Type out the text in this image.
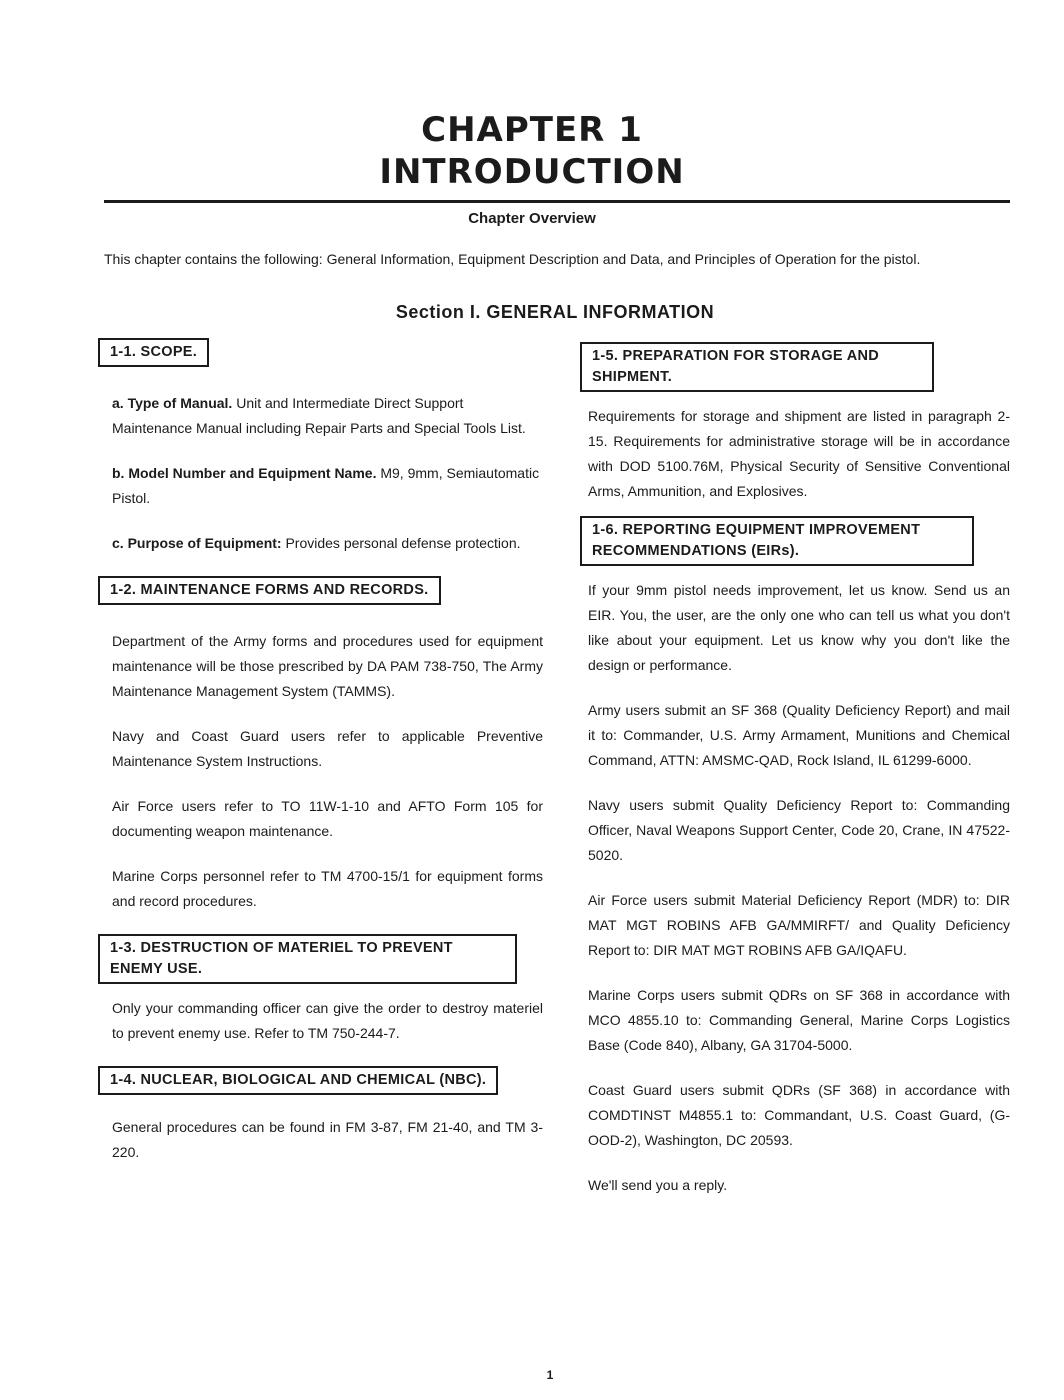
CHAPTER 1
INTRODUCTION
Chapter Overview
This chapter contains the following: General Information, Equipment Description and Data, and Principles of Operation for the pistol.
Section I. GENERAL INFORMATION
1-1. SCOPE.

a. Type of Manual. Unit and Intermediate Direct Support Maintenance Manual including Repair Parts and Special Tools List.

b. Model Number and Equipment Name. M9, 9mm, Semiautomatic Pistol.

c. Purpose of Equipment: Provides personal defense protection.

1-2. MAINTENANCE FORMS AND RECORDS.

Department of the Army forms and procedures used for equipment maintenance will be those prescribed by DA PAM 738-750, The Army Maintenance Management System (TAMMS).

Navy and Coast Guard users refer to applicable Preventive Maintenance System Instructions.

Air Force users refer to TO 11W-1-10 and AFTO Form 105 for documenting weapon maintenance.

Marine Corps personnel refer to TM 4700-15/1 for equipment forms and record procedures.

1-3. DESTRUCTION OF MATERIEL TO PREVENT ENEMY USE.

Only your commanding officer can give the order to destroy materiel to prevent enemy use. Refer to TM 750-244-7.

1-4. NUCLEAR, BIOLOGICAL AND CHEMICAL (NBC).

General procedures can be found in FM 3-87, FM 21-40, and TM 3-220.

1-5. PREPARATION FOR STORAGE AND SHIPMENT.

Requirements for storage and shipment are listed in paragraph 2-15. Requirements for administrative storage will be in accordance with DOD 5100.76M, Physical Security of Sensitive Conventional Arms, Ammunition, and Explosives.

1-6. REPORTING EQUIPMENT IMPROVEMENT RECOMMENDATIONS (EIRs).

If your 9mm pistol needs improvement, let us know. Send us an EIR. You, the user, are the only one who can tell us what you don't like about your equipment. Let us know why you don't like the design or performance.

Army users submit an SF 368 (Quality Deficiency Report) and mail it to: Commander, U.S. Army Armament, Munitions and Chemical Command, ATTN: AMSMC-QAD, Rock Island, IL 61299-6000.

Navy users submit Quality Deficiency Report to: Commanding Officer, Naval Weapons Support Center, Code 20, Crane, IN 47522-5020.

Air Force users submit Material Deficiency Report (MDR) to: DIR MAT MGT ROBINS AFB GA/MMIRFT/ and Quality Deficiency Report to: DIR MAT MGT ROBINS AFB GA/IQAFU.

Marine Corps users submit QDRs on SF 368 in accordance with MCO 4855.10 to: Commanding General, Marine Corps Logistics Base (Code 840), Albany, GA 31704-5000.

Coast Guard users submit QDRs (SF 368) in accordance with COMDTINST M4855.1 to: Commandant, U.S. Coast Guard, (G-OOD-2), Washington, DC 20593.

We'll send you a reply.

1
